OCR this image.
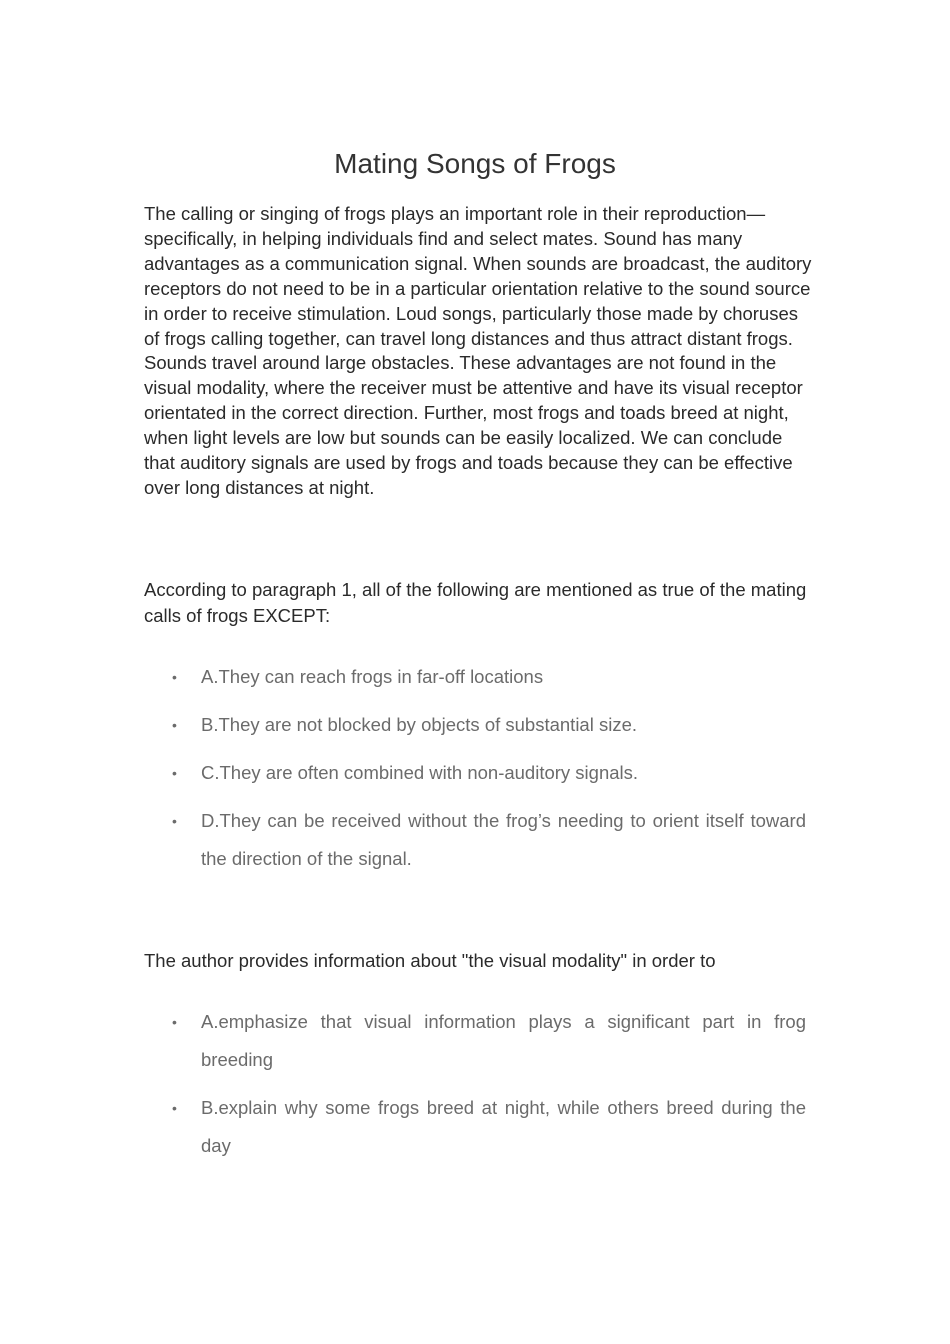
Mating Songs of Frogs

The calling or singing of frogs plays an important role in their reproduction—specifically, in helping individuals find and select mates. Sound has many advantages as a communication signal. When sounds are broadcast, the auditory receptors do not need to be in a particular orientation relative to the sound source in order to receive stimulation. Loud songs, particularly those made by choruses of frogs calling together, can travel long distances and thus attract distant frogs. Sounds travel around large obstacles. These advantages are not found in the visual modality, where the receiver must be attentive and have its visual receptor orientated in the correct direction. Further, most frogs and toads breed at night, when light levels are low but sounds can be easily localized. We can conclude that auditory signals are used by frogs and toads because they can be effective over long distances at night.

According to paragraph 1, all of the following are mentioned as true of the mating calls of frogs EXCEPT:

• A.They can reach frogs in far-off locations
• B.They are not blocked by objects of substantial size.
• C.They are often combined with non-auditory signals.
• D.They can be received without the frog’s needing to orient itself toward the direction of the signal.

The author provides information about "the visual modality" in order to

• A.emphasize that visual information plays a significant part in frog breeding
• B.explain why some frogs breed at night, while others breed during the day
